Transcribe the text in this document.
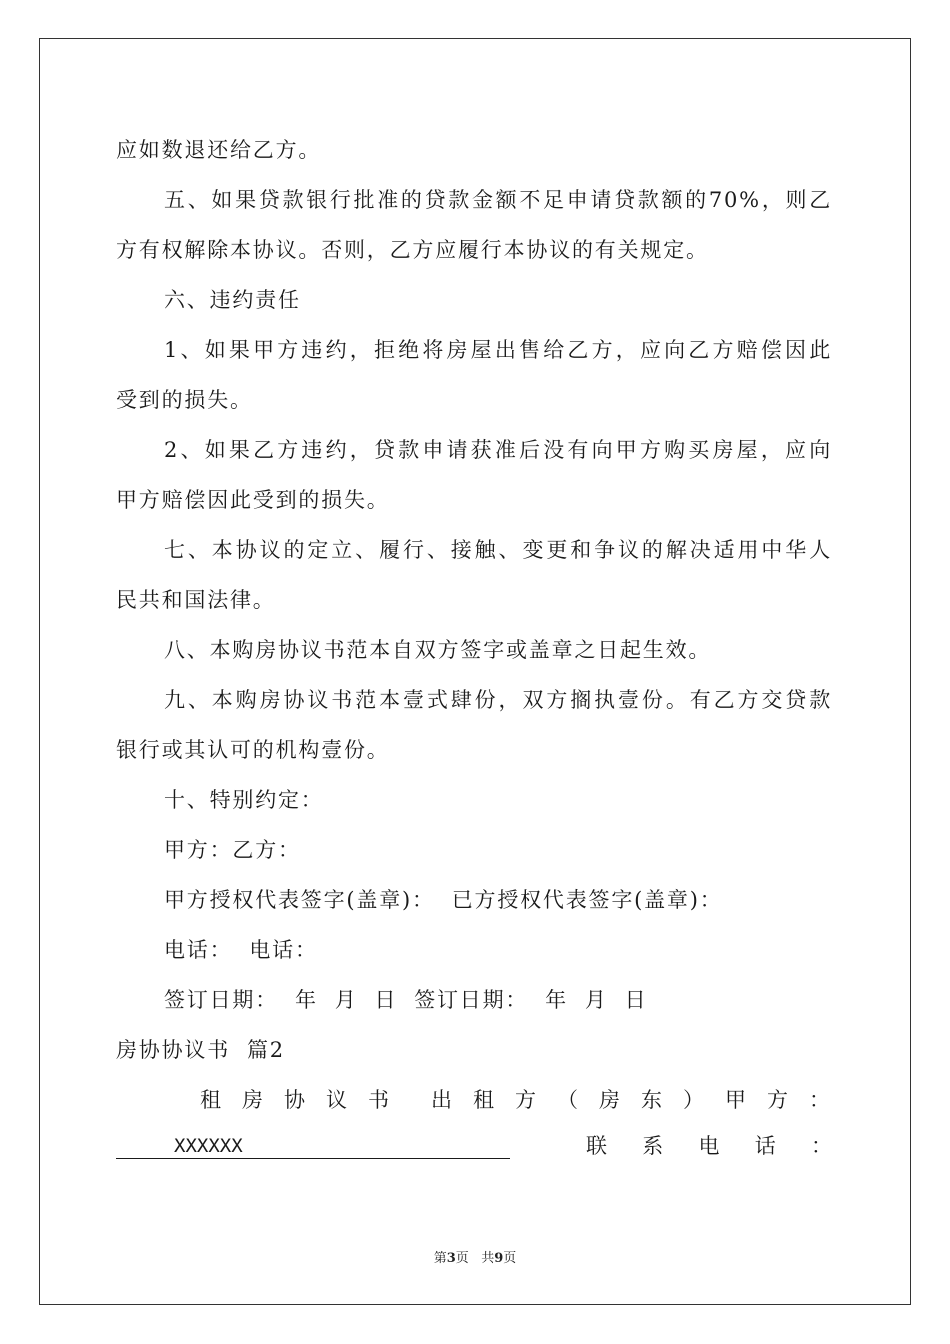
应如数退还给乙方。
五、如果贷款银行批准的贷款金额不足申请贷款额的70%，则乙
方有权解除本协议。否则，乙方应履行本协议的有关规定。
六、违约责任
1、如果甲方违约，拒绝将房屋出售给乙方，应向乙方赔偿因此
受到的损失。
2、如果乙方违约，贷款申请获准后没有向甲方购买房屋，应向
甲方赔偿因此受到的损失。
七、本协议的定立、履行、接触、变更和争议的解决适用中华人
民共和国法律。
八、本购房协议书范本自双方签字或盖章之日起生效。
九、本购房协议书范本壹式肆份，双方搁执壹份。有乙方交贷款
银行或其认可的机构壹份。
十、特别约定：
甲方：乙方：
甲方授权代表签字(盖章)：  已方授权代表签字(盖章)：
电话：  电话：
签订日期：  年  月  日  签订日期：  年  月  日
房协协议书  篇2
租 房 协 议 书 出 租 方 （ 房 东 ） 甲 方 ：
XXXXXX	联 系 电 话 ：
第3页   共9页
